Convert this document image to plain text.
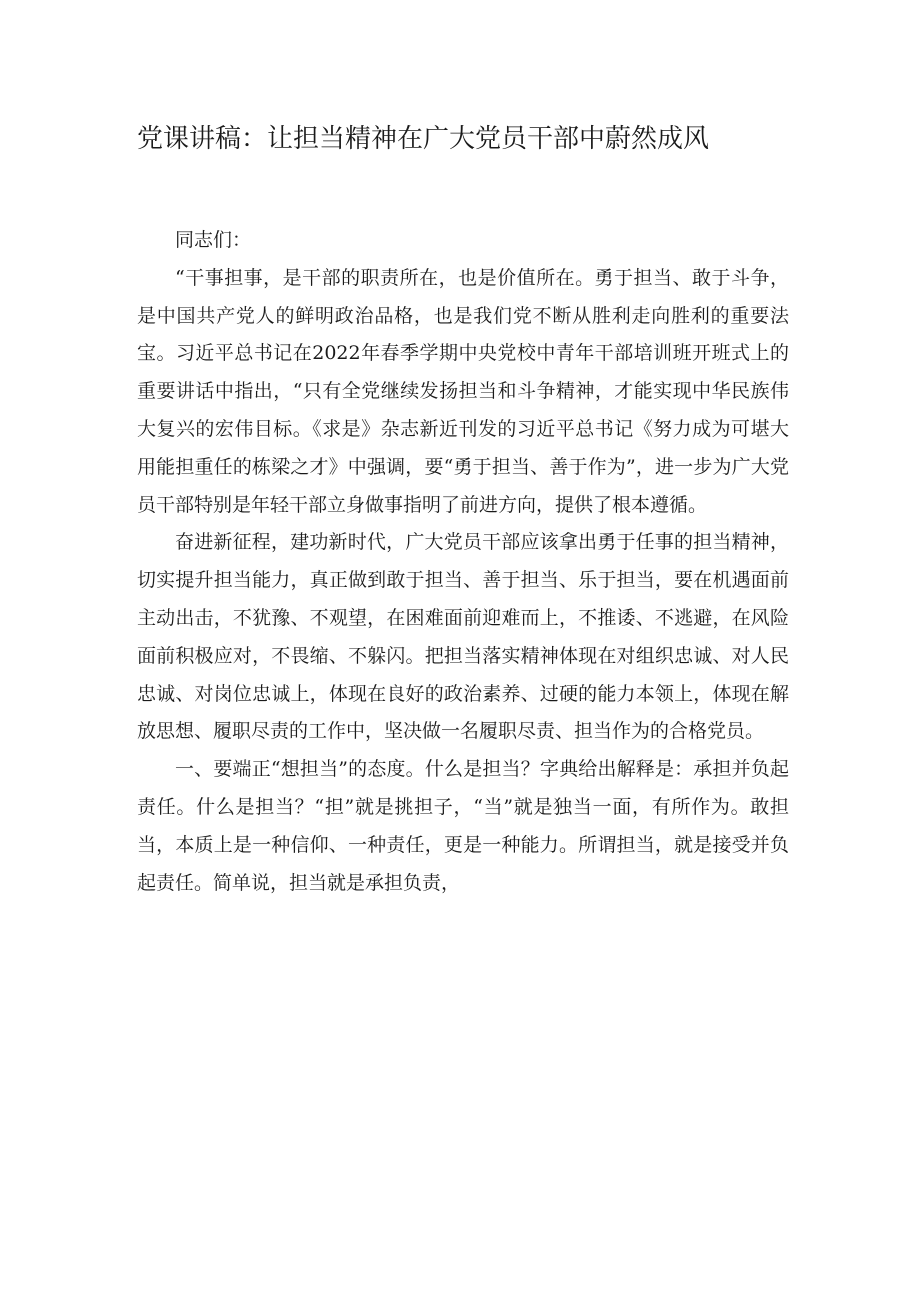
党课讲稿：让担当精神在广大党员干部中蔚然成风

同志们：

“干事担事，是干部的职责所在，也是价值所在。勇于担当、敢于斗争，是中国共产党人的鲜明政治品格，也是我们党不断从胜利走向胜利的重要法宝。习近平总书记在2022年春季学期中央党校中青年干部培训班开班式上的重要讲话中指出，“只有全党继续发扬担当和斗争精神，才能实现中华民族伟大复兴的宏伟目标。《求是》杂志新近刊发的习近平总书记《努力成为可堪大用能担重任的栋梁之才》中强调，要“勇于担当、善于作为”，进一步为广大党员干部特别是年轻干部立身做事指明了前进方向，提供了根本遵循。

奋进新征程，建功新时代，广大党员干部应该拿出勇于任事的担当精神，切实提升担当能力，真正做到敢于担当、善于担当、乐于担当，要在机遇面前主动出击，不犹豫、不观望，在困难面前迎难而上，不推诿、不逃避，在风险面前积极应对，不畏缩、不躲闪。把担当落实精神体现在对组织忠诚、对人民忠诚、对岗位忠诚上，体现在良好的政治素养、过硬的能力本领上，体现在解放思想、履职尽责的工作中，坚决做一名履职尽责、担当作为的合格党员。

一、要端正“想担当”的态度。什么是担当？字典给出解释是：承担并负起责任。什么是担当？“担”就是挑担子，“当”就是独当一面，有所作为。敢担当，本质上是一种信仰、一种责任，更是一种能力。所谓担当，就是接受并负起责任。简单说，担当就是承担负责，
